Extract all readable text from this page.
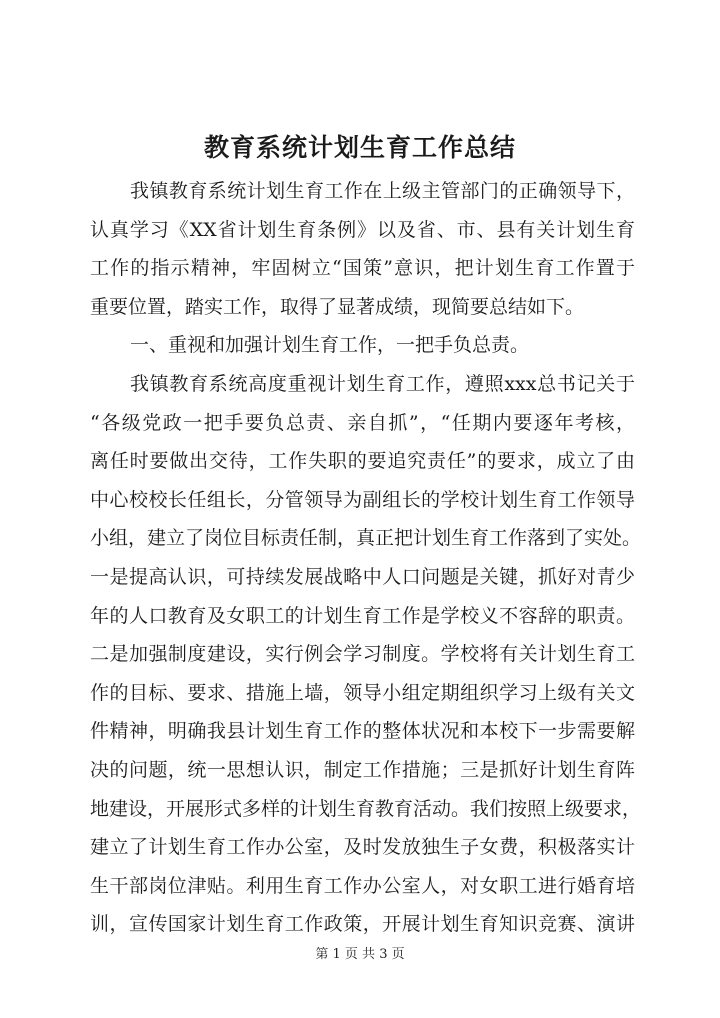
教育系统计划生育工作总结
我镇教育系统计划生育工作在上级主管部门的正确领导下，
认真学习《XX省计划生育条例》以及省、市、县有关计划生育
工作的指示精神，牢固树立“国策”意识，把计划生育工作置于
重要位置，踏实工作，取得了显著成绩，现简要总结如下。
一、重视和加强计划生育工作，一把手负总责。
我镇教育系统高度重视计划生育工作，遵照xxx总书记关于
“各级党政一把手要负总责、亲自抓”，“任期内要逐年考核，
离任时要做出交待，工作失职的要追究责任”的要求，成立了由
中心校校长任组长，分管领导为副组长的学校计划生育工作领导
小组，建立了岗位目标责任制，真正把计划生育工作落到了实处。
一是提高认识，可持续发展战略中人口问题是关键，抓好对青少
年的人口教育及女职工的计划生育工作是学校义不容辞的职责。
二是加强制度建设，实行例会学习制度。学校将有关计划生育工
作的目标、要求、措施上墙，领导小组定期组织学习上级有关文
件精神，明确我县计划生育工作的整体状况和本校下一步需要解
决的问题，统一思想认识，制定工作措施；三是抓好计划生育阵
地建设，开展形式多样的计划生育教育活动。我们按照上级要求，
建立了计划生育工作办公室，及时发放独生子女费，积极落实计
生干部岗位津贴。利用生育工作办公室人，对女职工进行婚育培
训，宣传国家计划生育工作政策，开展计划生育知识竞赛、演讲
第 1 页 共 3 页
